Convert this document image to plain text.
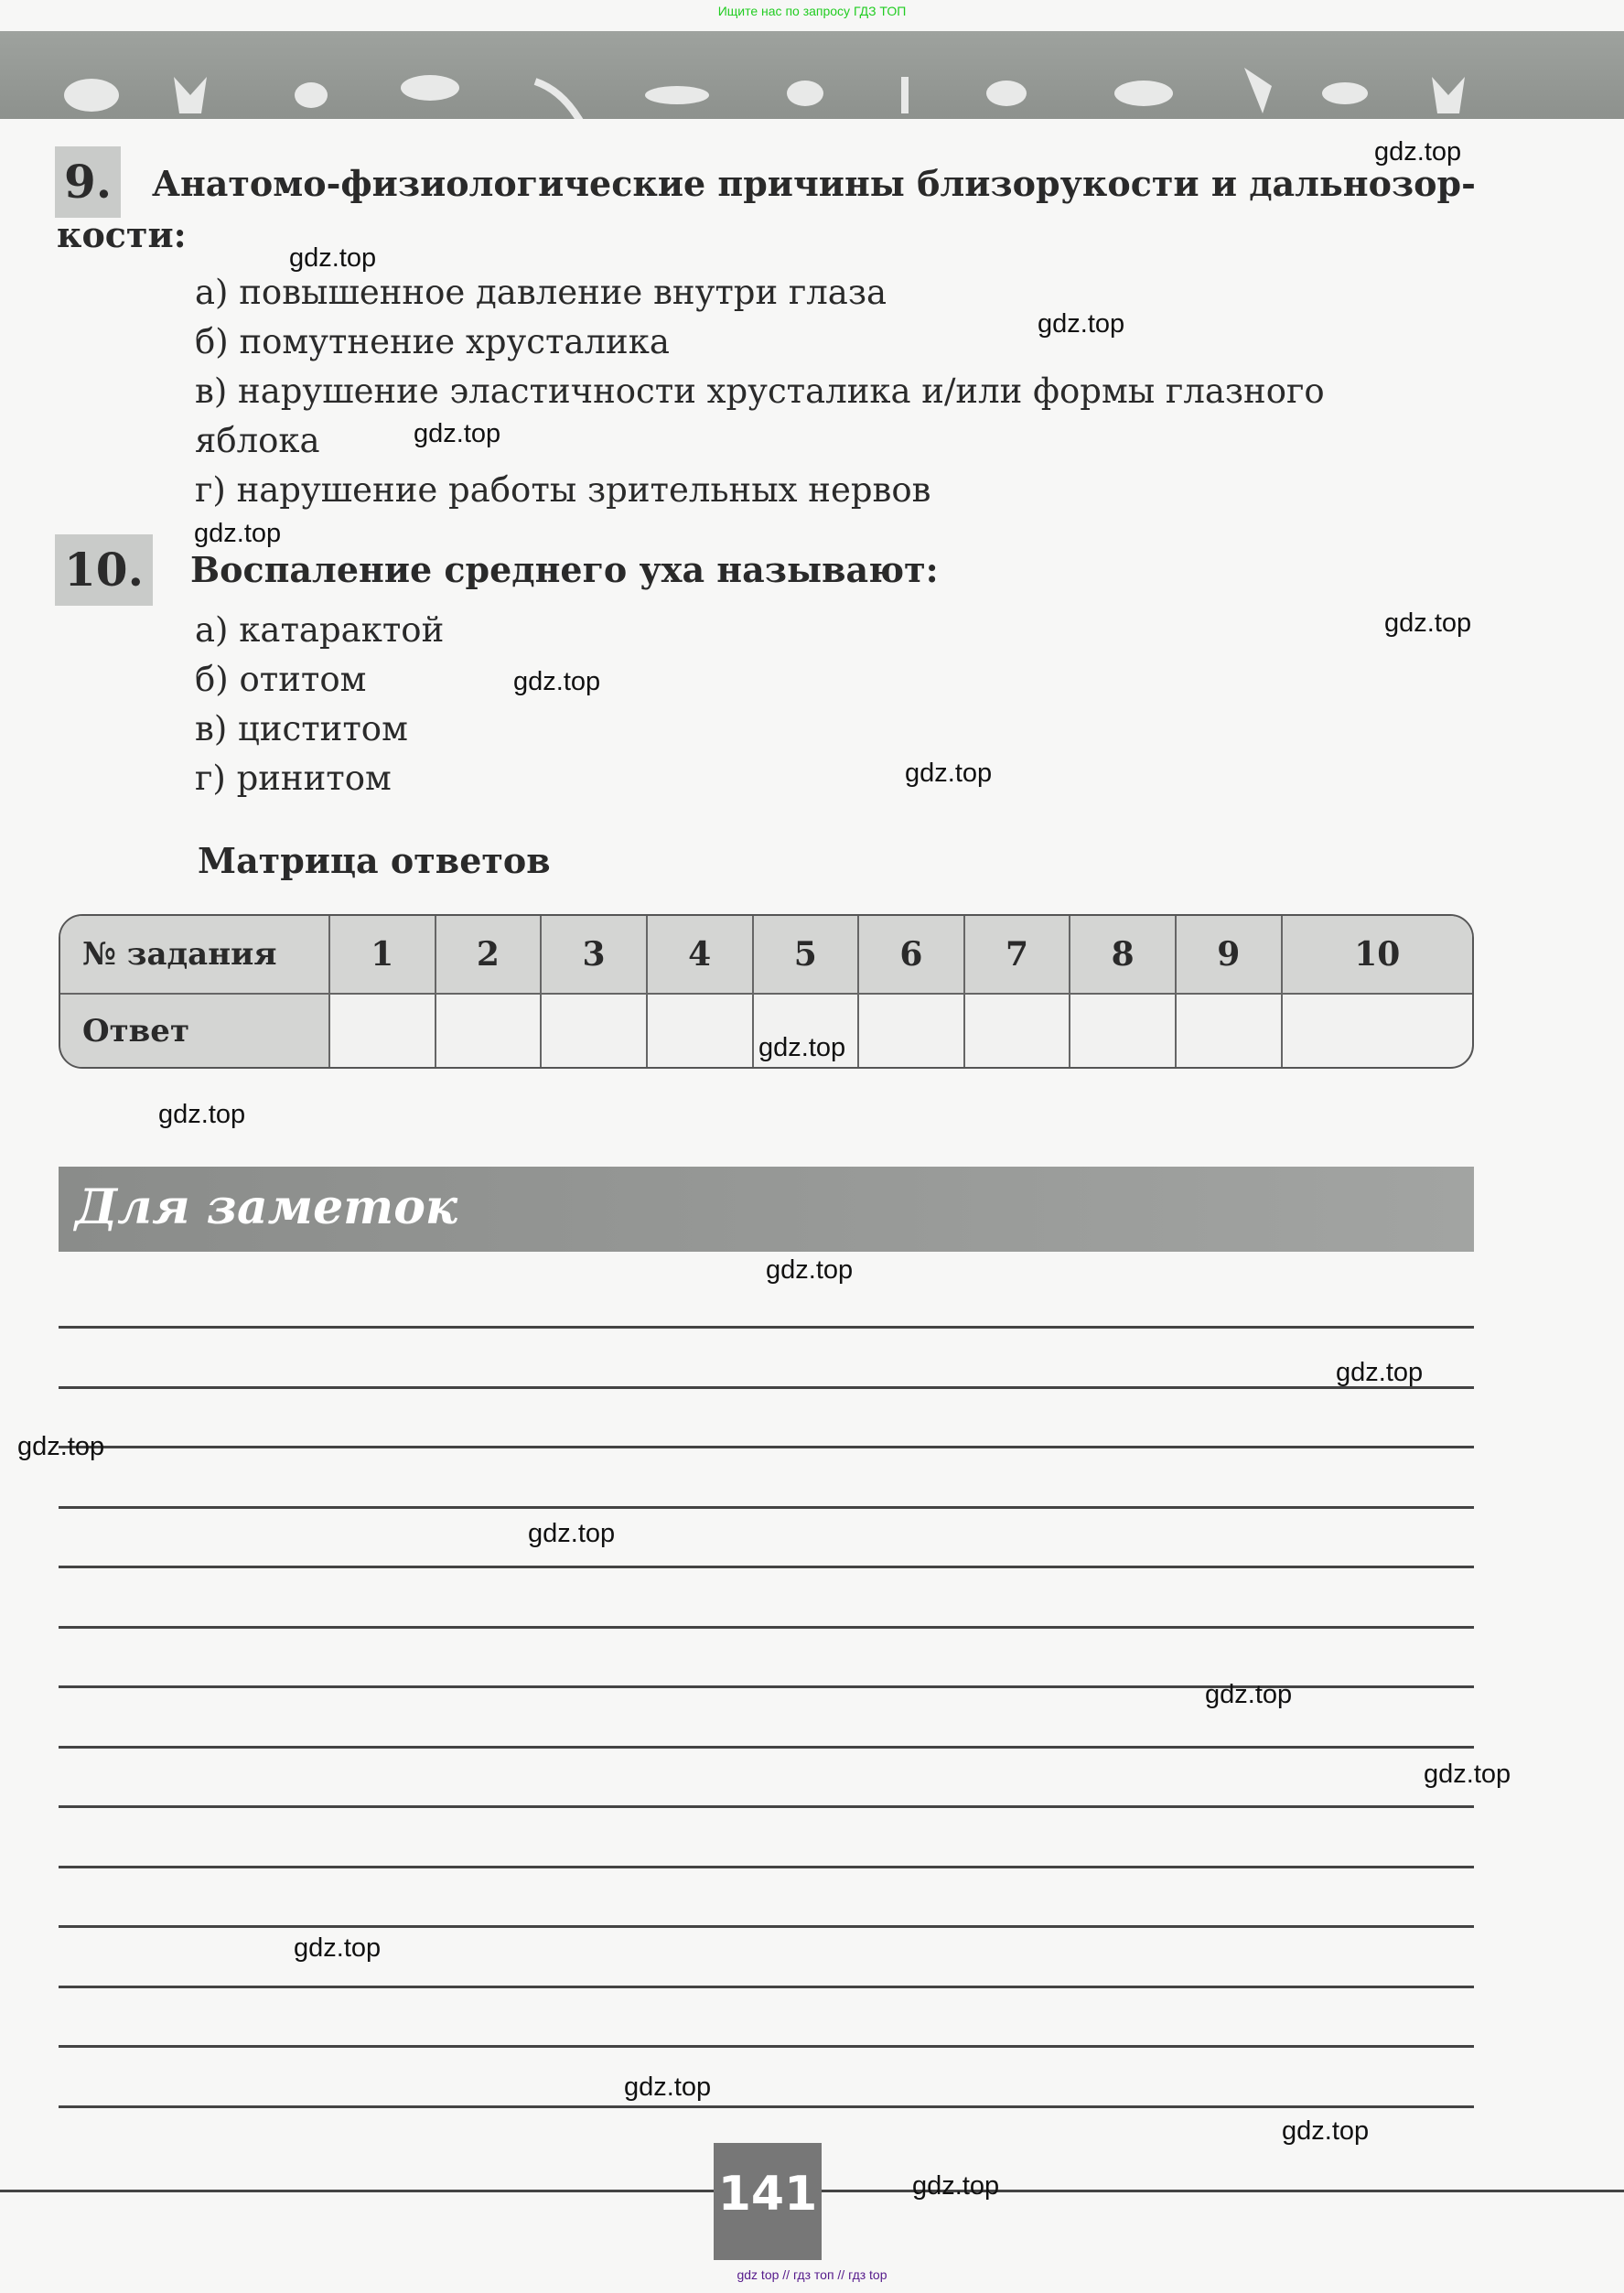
Ищите нас по запросу ГДЗ ТОП
9. Анатомо-физиологические причины близорукости и дальнозор-
кости:
а) повышенное давление внутри глаза
б) помутнение хрусталика
в) нарушение эластичности хрусталика и/или формы глазного
яблока
г) нарушение работы зрительных нервов
10. Воспаление среднего уха называют:
а) катарактой
б) отитом
в) циститом
г) ринитом
Матрица ответов
№ задания	1	2	3	4	5	6	7	8	9	10
Ответ										
Для заметок
141
gdz top // гдз топ // гдз top
gdz.top
gdz.top
gdz.top
gdz.top
gdz.top
gdz.top
gdz.top
gdz.top
gdz.top
gdz.top
gdz.top
gdz.top
gdz.top
gdz.top
gdz.top
gdz.top
gdz.top
gdz.top
gdz.top
gdz.top
